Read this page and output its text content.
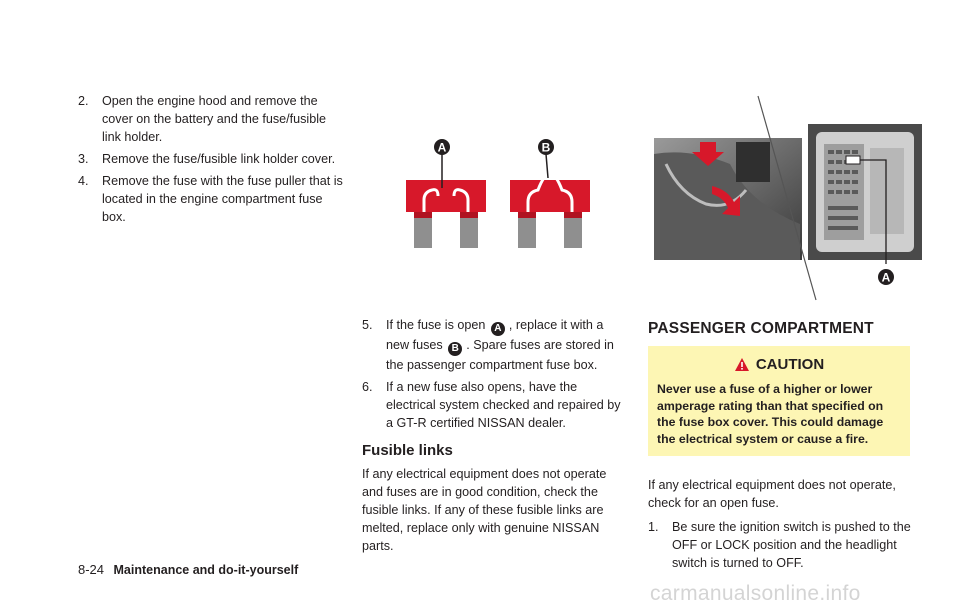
2. Open the engine hood and remove the cover on the battery and the fuse/fusible link holder.
3. Remove the fuse/fusible link holder cover.
4. Remove the fuse with the fuse puller that is located in the engine compartment fuse box.
A	B
5. If the fuse is open A , replace it with a new fuses B . Spare fuses are stored in the passenger compartment fuse box.
6. If a new fuse also opens, have the electrical system checked and repaired by a GT-R certified NISSAN dealer.
Fusible links
If any electrical equipment does not operate and fuses are in good condition, check the fusible links. If any of these fusible links are melted, replace only with genuine NISSAN parts.
A
PASSENGER COMPARTMENT
CAUTION
Never use a fuse of a higher or lower amperage rating than that specified on the fuse box cover. This could damage the electrical system or cause a fire.
If any electrical equipment does not operate, check for an open fuse.
1. Be sure the ignition switch is pushed to the OFF or LOCK position and the headlight switch is turned to OFF.
8-24 Maintenance and do-it-yourself
carmanualsonline.info
